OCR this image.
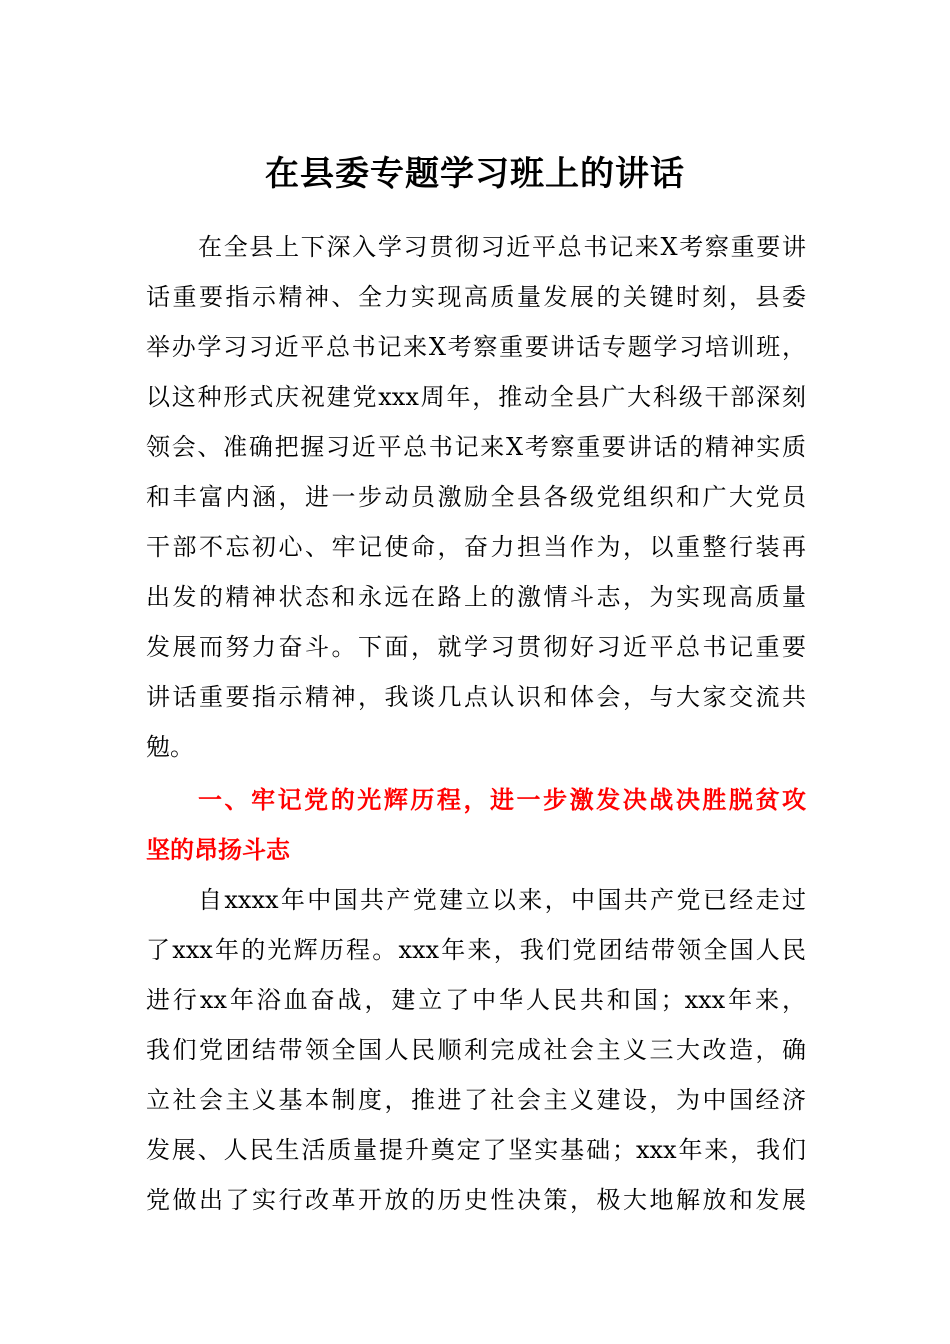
在县委专题学习班上的讲话
在全县上下深入学习贯彻习近平总书记来X考察重要讲
话重要指示精神、全力实现高质量发展的关键时刻，县委
举办学习习近平总书记来X考察重要讲话专题学习培训班，
以这种形式庆祝建党xxx周年，推动全县广大科级干部深刻
领会、准确把握习近平总书记来X考察重要讲话的精神实质
和丰富内涵，进一步动员激励全县各级党组织和广大党员
干部不忘初心、牢记使命，奋力担当作为，以重整行装再
出发的精神状态和永远在路上的激情斗志，为实现高质量
发展而努力奋斗。下面，就学习贯彻好习近平总书记重要
讲话重要指示精神，我谈几点认识和体会，与大家交流共
勉。
一、牢记党的光辉历程，进一步激发决战决胜脱贫攻
坚的昂扬斗志
自xxxx年中国共产党建立以来，中国共产党已经走过
了xxx年的光辉历程。xxx年来，我们党团结带领全国人民
进行xx年浴血奋战，建立了中华人民共和国；xxx年来，
我们党团结带领全国人民顺利完成社会主义三大改造，确
立社会主义基本制度，推进了社会主义建设，为中国经济
发展、人民生活质量提升奠定了坚实基础；xxx年来，我们
党做出了实行改革开放的历史性决策，极大地解放和发展
